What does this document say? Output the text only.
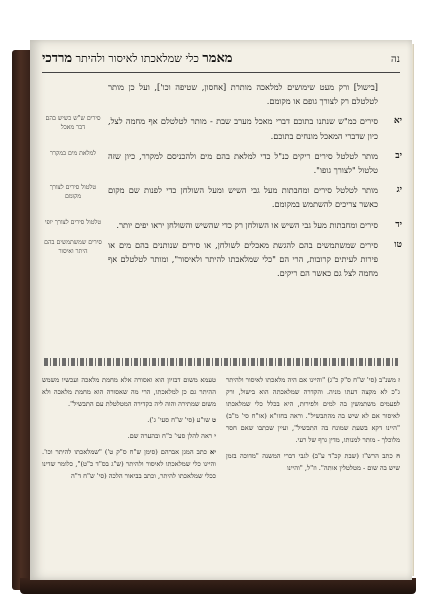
נה
מאמר כלי שמלאכתו לאיסור ולהיתר מרדכי

[בישול] ורק מעט שימושים למלאכה מותרת [אחסון, שטיפה וכו'], ועל כן מותר לטלטלם רק לצורך גופם או מקומם.

יא
סירים ש"ש כשיש בהם דבר מאכל
סירים כמ"ש שנתנו בתוכם דברי מאכל מערב שבת - מותר לטלטלם אף מחמה לצל, כיון שדברי המאכל מונחים בתוכם.

יב
למלאת מים במקרר	מותר לטלטל סירים ריקים כנ"ל כדי למלאת בהם מים ולהכניסם למקרר, כיון שזה טלטול "לצורך גופו".

יג
טלטול סירים לצורך מקומם
מותר לטלטל סירים ומחבתות מעל גבי השיש ומעל השולחן כדי לפנות שם מקום כאשר צריכים להשתמש במקומם.

יד
טלטול סירים לצורך יופי	סירים ומחבתות מעל גבי השיש או השולחן רק כדי שהשיש והשולחן יראו יפים יותר.

טו
סירים שמשתמשים בהם היתר ואיסור
סירים שמשתמשים בהם להגשת מאכלים לשולחן, או סירים שנותנים בהם מים או פירות לעיתים קרובות, הרי הם "כלי שמלאכתו להיתר ולאיסור", ומותר לטלטלם אף מחמה לצל גם כאשר הם ריקים.

ז משנ"ב (סי' ש"ח ס"ק כ"ג) "והיינו אם היה מלאכתו לאיסור ולהיתר ג"כ לא מקצה דעתו מניה. והקדרה שמלאכתה הוא בישול, ורק לפעמים משתמשין בה למים ולפירות, היא בכלל כלי שמלאכתו לאיסור אם לא שיש בה מהתבשיל". וראה בחזו"א (או"ח סי' מ"ב) "היינו דקא בשעת שמונח בה התבשיל", ועיין שכתבו שאם חסר מלוכלך - מותר למנותו, מדין גרף של רעי.

ח כתב הרש"ז (שבת קכ"ד ע"ב) לגבי דברי המשנה "מדוכה בזמן שיש בה שום - מטלטלין אותה". וז"ל, "והיינו

טעמא משום דבזיון הוא ואסורה אלא מחמת מלאכה ועכשיו משמש ההיתר גם כן למלאכתו, הרי מה שאסורה הוא מחמת מלאכה ולא משום שמתירה והוה ליה כקדירה המטלטלת עם התבשיל".

ט שו"ע (סי' ש"ח סעי' ג').

י ראה להלן סעי' כ"ח ובהערה שם.

יא כתב המגן אברהם (סימן ש"ח ס"ק ט') "שמלאכתו להיתר וכו'. והיינו כלי שמלאכתו לאיסור ולהיתר (ש"ג בס"ד כ"ט)", כלומר שדינו ככלי שמלאכתו להיתר, וכתב בביאור הלכה (סי' ש"ח ד"ה
